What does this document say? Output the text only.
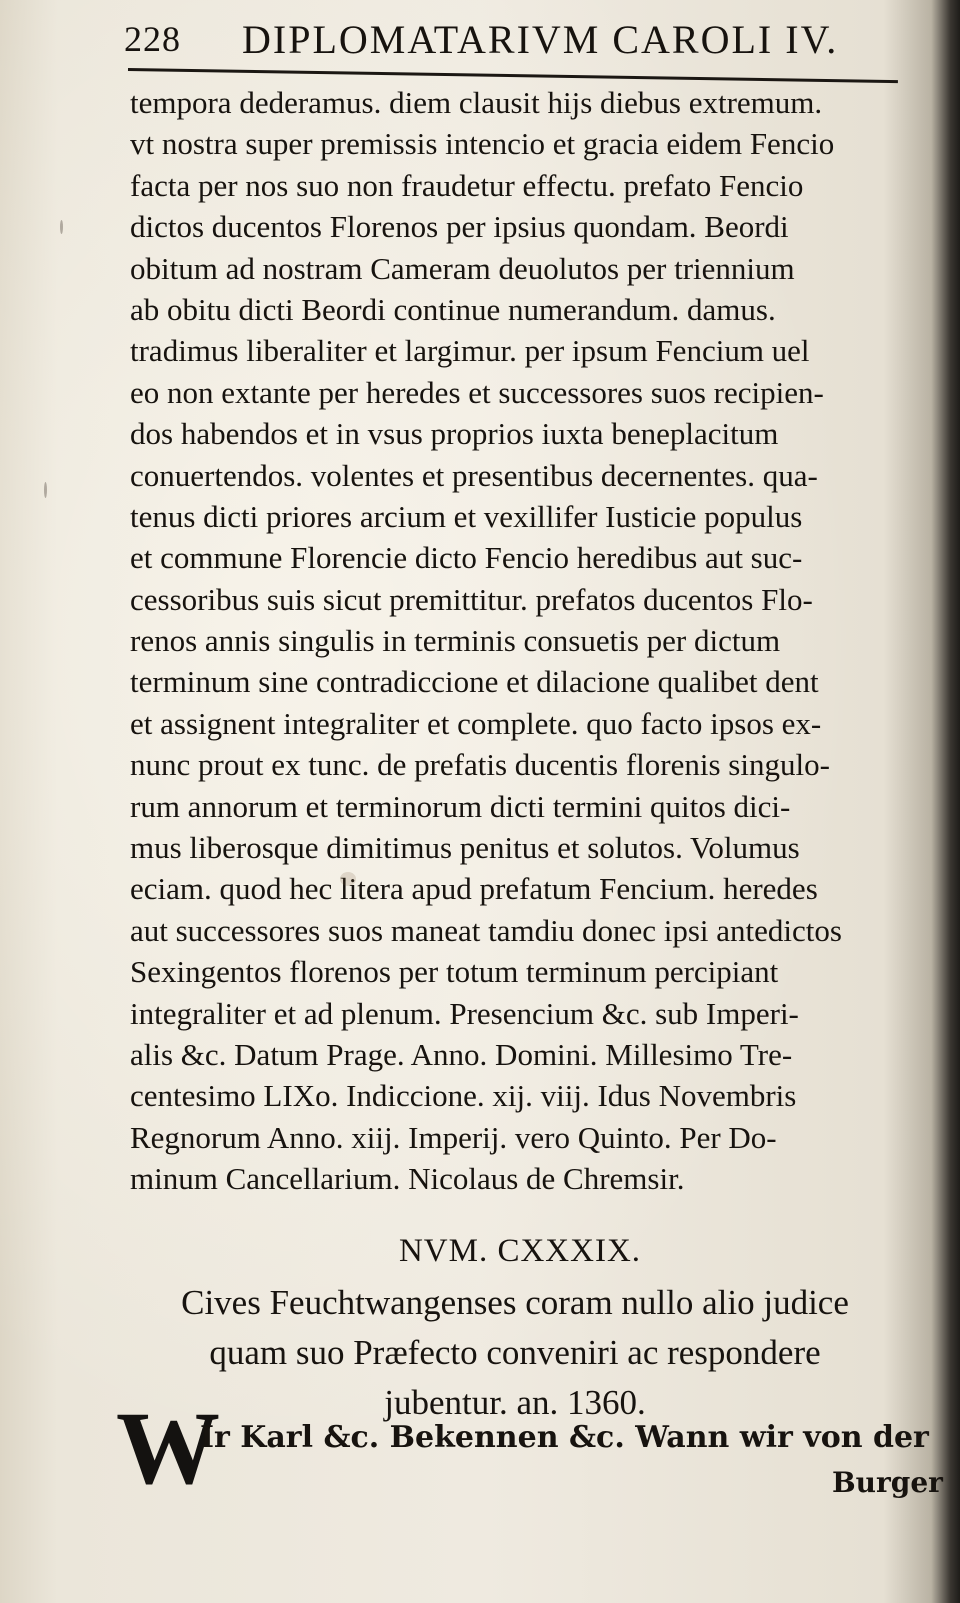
228 DIPLOMATARIVM CAROLI IV.
tempora dederamus. diem clausit hijs diebus extremum.
vt nostra super premissis intencio et gracia eidem Fencio
facta per nos suo non fraudetur effectu. prefato Fencio
dictos ducentos Florenos per ipsius quondam. Beordi
obitum ad nostram Cameram deuolutos per triennium
ab obitu dicti Beordi continue numerandum. damus.
tradimus liberaliter et largimur. per ipsum Fencium uel
eo non extante per heredes et successores suos recipien-
dos habendos et in vsus proprios iuxta beneplacitum
conuertendos. volentes et presentibus decernentes. qua-
tenus dicti priores arcium et vexillifer Iusticie populus
et commune Florencie dicto Fencio heredibus aut suc-
cessoribus suis sicut premittitur. prefatos ducentos Flo-
renos annis singulis in terminis consuetis per dictum
terminum sine contradiccione et dilacione qualibet dent
et assignent integraliter et complete. quo facto ipsos ex-
nunc prout ex tunc. de prefatis ducentis florenis singulo-
rum annorum et terminorum dicti termini quitos dici-
mus liberosque dimitimus penitus et solutos. Volumus
eciam. quod hec litera apud prefatum Fencium. heredes
aut successores suos maneat tamdiu donec ipsi antedictos
Sexingentos florenos per totum terminum percipiant
integraliter et ad plenum. Presencium &c. sub Imperi-
alis &c. Datum Prage. Anno. Domini. Millesimo Tre-
centesimo LIXo. Indiccione. xij. viij. Idus Novembris
Regnorum Anno. xiij. Imperij. vero Quinto. Per Do-
minum Cancellarium. Nicolaus de Chremsir.
NVM. CXXXIX.
Cives Feuchtwangenses coram nullo alio judice
quam suo Præfecto conveniri ac respondere
jubentur. an. 1360.
W
Ir Karl &c. Bekennen &c. Wann wir von der
Burger
